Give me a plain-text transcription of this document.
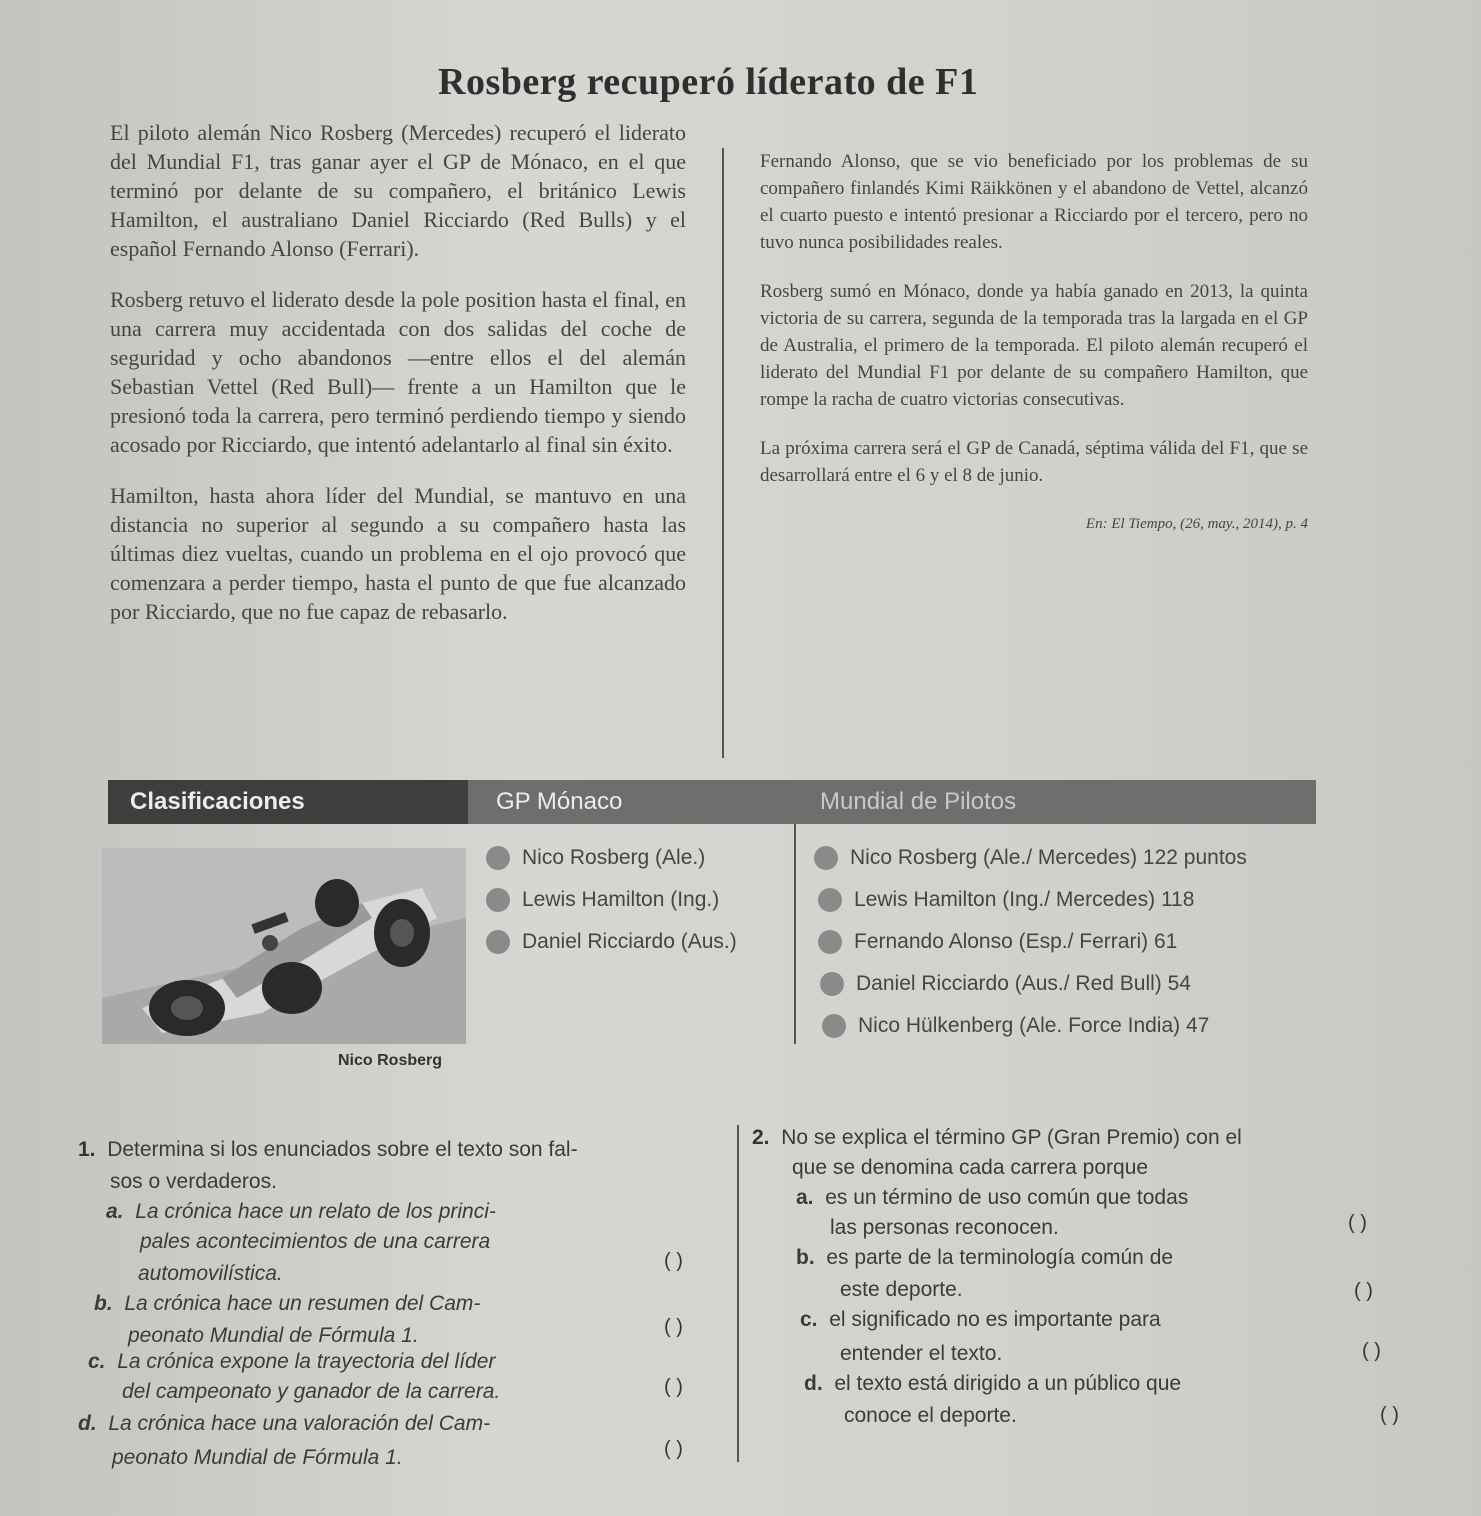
Rosberg recuperó líderato de F1

El piloto alemán Nico Rosberg (Mercedes) recuperó el liderato del Mundial F1, tras ganar ayer el GP de Mónaco, en el que terminó por delante de su compañero, el británico Lewis Hamilton, el australiano Daniel Ricciardo (Red Bulls) y el español Fernando Alonso (Ferrari).

Rosberg retuvo el liderato desde la pole position hasta el final, en una carrera muy accidentada con dos salidas del coche de seguridad y ocho abandonos —entre ellos el del alemán Sebastian Vettel (Red Bull)— frente a un Hamilton que le presionó toda la carrera, pero terminó perdiendo tiempo y siendo acosado por Ricciardo, que intentó adelantarlo al final sin éxito.

Hamilton, hasta ahora líder del Mundial, se mantuvo en una distancia no superior al segundo a su compañero hasta las últimas diez vueltas, cuando un problema en el ojo provocó que comenzara a perder tiempo, hasta el punto de que fue alcanzado por Ricciardo, que no fue capaz de rebasarlo.

Fernando Alonso, que se vio beneficiado por los problemas de su compañero finlandés Kimi Räikkönen y el abandono de Vettel, alcanzó el cuarto puesto e intentó presionar a Ricciardo por el tercero, pero no tuvo nunca posibilidades reales.

Rosberg sumó en Mónaco, donde ya había ganado en 2013, la quinta victoria de su carrera, segunda de la temporada tras la largada en el GP de Australia, el primero de la temporada. El piloto alemán recuperó el liderato del Mundial F1 por delante de su compañero Hamilton, que rompe la racha de cuatro victorias consecutivas.

La próxima carrera será el GP de Canadá, séptima válida del F1, que se desarrollará entre el 6 y el 8 de junio.

En: El Tiempo, (26, may., 2014), p. 4
Clasificaciones	GP Mónaco	Mundial de Pilotos
Nico Rosberg
Nico Rosberg (Ale.)
Lewis Hamilton (Ing.)
Daniel Ricciardo (Aus.)
Nico Rosberg (Ale./ Mercedes) 122 puntos
Lewis Hamilton (Ing./ Mercedes) 118
Fernando Alonso (Esp./ Ferrari) 61
Daniel Ricciardo (Aus./ Red Bull) 54
Nico Hülkenberg (Ale. Force India) 47
1. Determina si los enunciados sobre el texto son fal-
sos o verdaderos.
a. La crónica hace un relato de los princi-
pales acontecimientos de una carrera
automovilística.
( )
b. La crónica hace un resumen del Cam-
peonato Mundial de Fórmula 1.	( )
c. La crónica expone la trayectoria del líder
del campeonato y ganador de la carrera.	( )
d. La crónica hace una valoración del Cam-
peonato Mundial de Fórmula 1.	( )
2. No se explica el término GP (Gran Premio) con el
que se denomina cada carrera porque
a. es un término de uso común que todas
las personas reconocen.	( )
b. es parte de la terminología común de
este deporte.	( )
c. el significado no es importante para
entender el texto.	( )
d. el texto está dirigido a un público que
conoce el deporte.	( )
